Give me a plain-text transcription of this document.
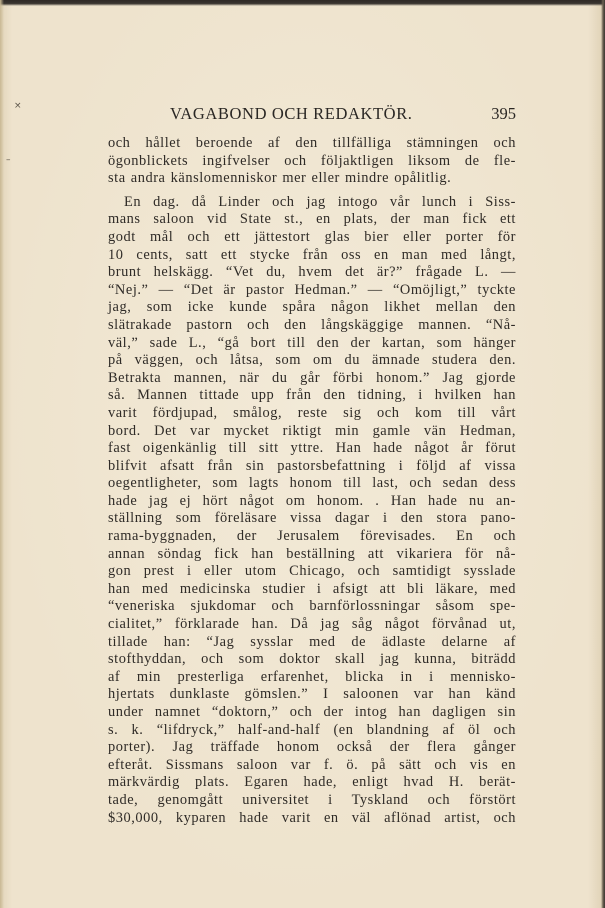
×
–
VAGABOND OCH REDAKTÖR.	395
och hållet beroende af den tillfälliga stämningen och
ögonblickets ingifvelser och följaktligen liksom de fle-
sta andra känslomenniskor mer eller mindre opålitlig.
En dag. då Linder och jag intogo vår lunch i Siss-
mans saloon vid State st., en plats, der man fick ett
godt mål och ett jättestort glas bier eller porter för
10 cents, satt ett stycke från oss en man med långt,
brunt helskägg. “Vet du, hvem det är?” frågade L. —
“Nej.” — “Det är pastor Hedman.” — “Omöjligt,” tyckte
jag, som icke kunde spåra någon likhet mellan den
slätrakade pastorn och den långskäggige mannen. “Nå-
väl,” sade L., “gå bort till den der kartan, som hänger
på väggen, och låtsa, som om du ämnade studera den.
Betrakta mannen, när du går förbi honom.” Jag gjorde
så. Mannen tittade upp från den tidning, i hvilken han
varit fördjupad, smålog, reste sig och kom till vårt
bord. Det var mycket riktigt min gamle vän Hedman,
fast oigenkänlig till sitt yttre. Han hade något år förut
blifvit afsatt från sin pastorsbefattning i följd af vissa
oegentligheter, som lagts honom till last, och sedan dess
hade jag ej hört något om honom. . Han hade nu an-
ställning som föreläsare vissa dagar i den stora pano-
rama-byggnaden, der Jerusalem förevisades. En och
annan söndag fick han beställning att vikariera för nå-
gon prest i eller utom Chicago, och samtidigt sysslade
han med medicinska studier i afsigt att bli läkare, med
“veneriska sjukdomar och barnförlossningar såsom spe-
cialitet,” förklarade han. Då jag såg något förvånad ut,
tillade han: “Jag sysslar med de ädlaste delarne af
stofthyddan, och som doktor skall jag kunna, biträdd
af min presterliga erfarenhet, blicka in i mennisko-
hjertats dunklaste gömslen.” I saloonen var han känd
under namnet “doktorn,” och der intog han dagligen sin
s. k. “lifdryck,” half-and-half (en blandning af öl och
porter). Jag träffade honom också der flera gånger
efteråt. Sissmans saloon var f. ö. på sätt och vis en
märkvärdig plats. Egaren hade, enligt hvad H. berät-
tade, genomgått universitet i Tyskland och förstört
$30,000, kyparen hade varit en väl aflönad artist, och
